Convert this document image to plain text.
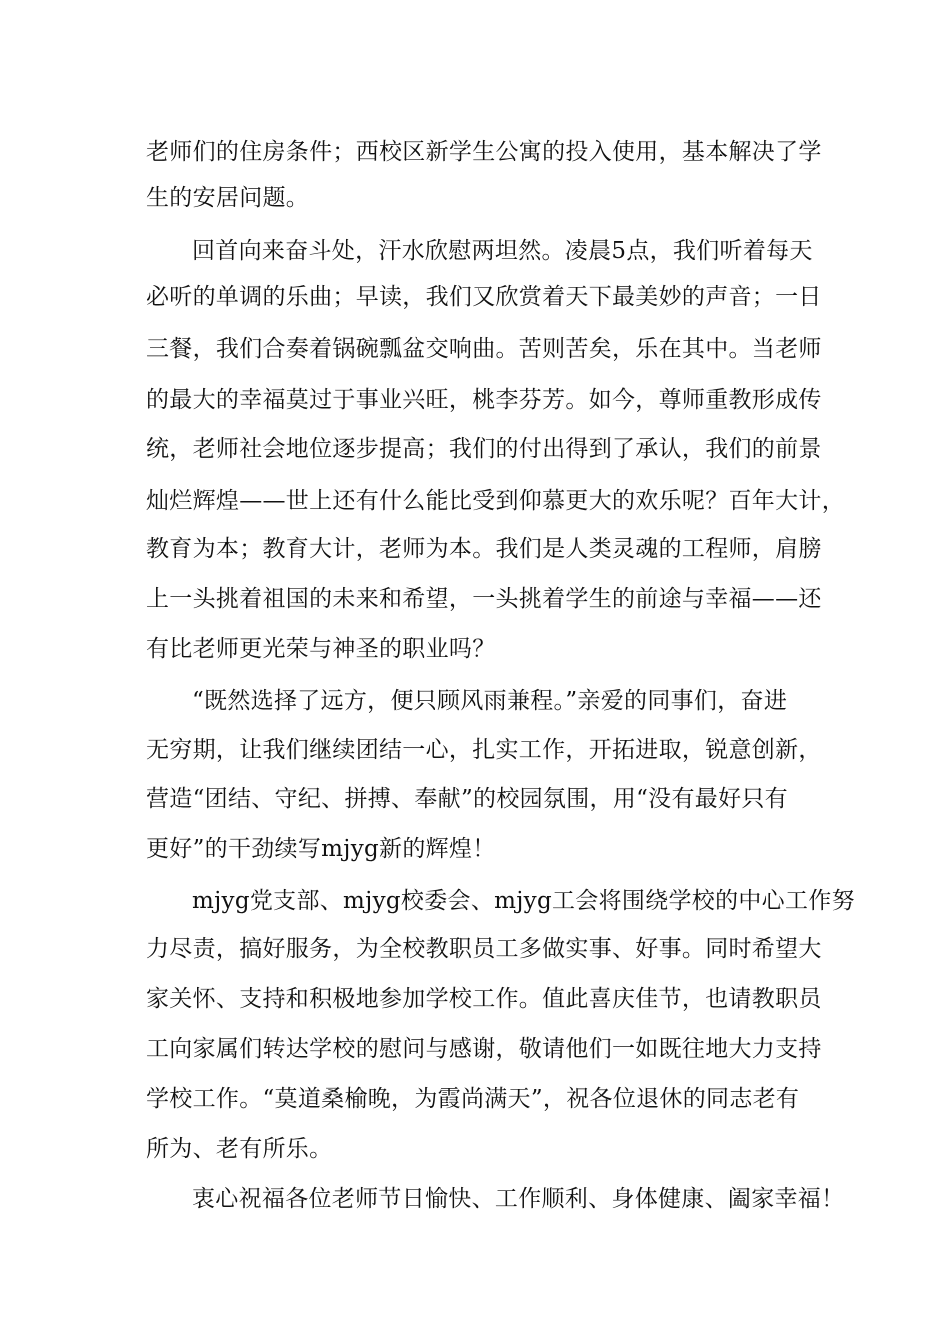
老师们的住房条件；西校区新学生公寓的投入使用，基本解决了学
生的安居问题。
回首向来奋斗处，汗水欣慰两坦然。凌晨5点，我们听着每天
必听的单调的乐曲；早读，我们又欣赏着天下最美妙的声音；一日
三餐，我们合奏着锅碗瓢盆交响曲。苦则苦矣，乐在其中。当老师
的最大的幸福莫过于事业兴旺，桃李芬芳。如今，尊师重教形成传
统，老师社会地位逐步提高；我们的付出得到了承认，我们的前景
灿烂辉煌——世上还有什么能比受到仰慕更大的欢乐呢？百年大计，
教育为本；教育大计，老师为本。我们是人类灵魂的工程师，肩膀
上一头挑着祖国的未来和希望，一头挑着学生的前途与幸福——还
有比老师更光荣与神圣的职业吗？
“既然选择了远方，便只顾风雨兼程。”亲爱的同事们，奋进
无穷期，让我们继续团结一心，扎实工作，开拓进取，锐意创新，
营造“团结、守纪、拼搏、奉献”的校园氛围，用“没有最好只有
更好”的干劲续写mjyg新的辉煌！
mjyg党支部、mjyg校委会、mjyg工会将围绕学校的中心工作努
力尽责，搞好服务，为全校教职员工多做实事、好事。同时希望大
家关怀、支持和积极地参加学校工作。值此喜庆佳节，也请教职员
工向家属们转达学校的慰问与感谢，敬请他们一如既往地大力支持
学校工作。“莫道桑榆晚，为霞尚满天”，祝各位退休的同志老有
所为、老有所乐。
衷心祝福各位老师节日愉快、工作顺利、身体健康、阖家幸福！
